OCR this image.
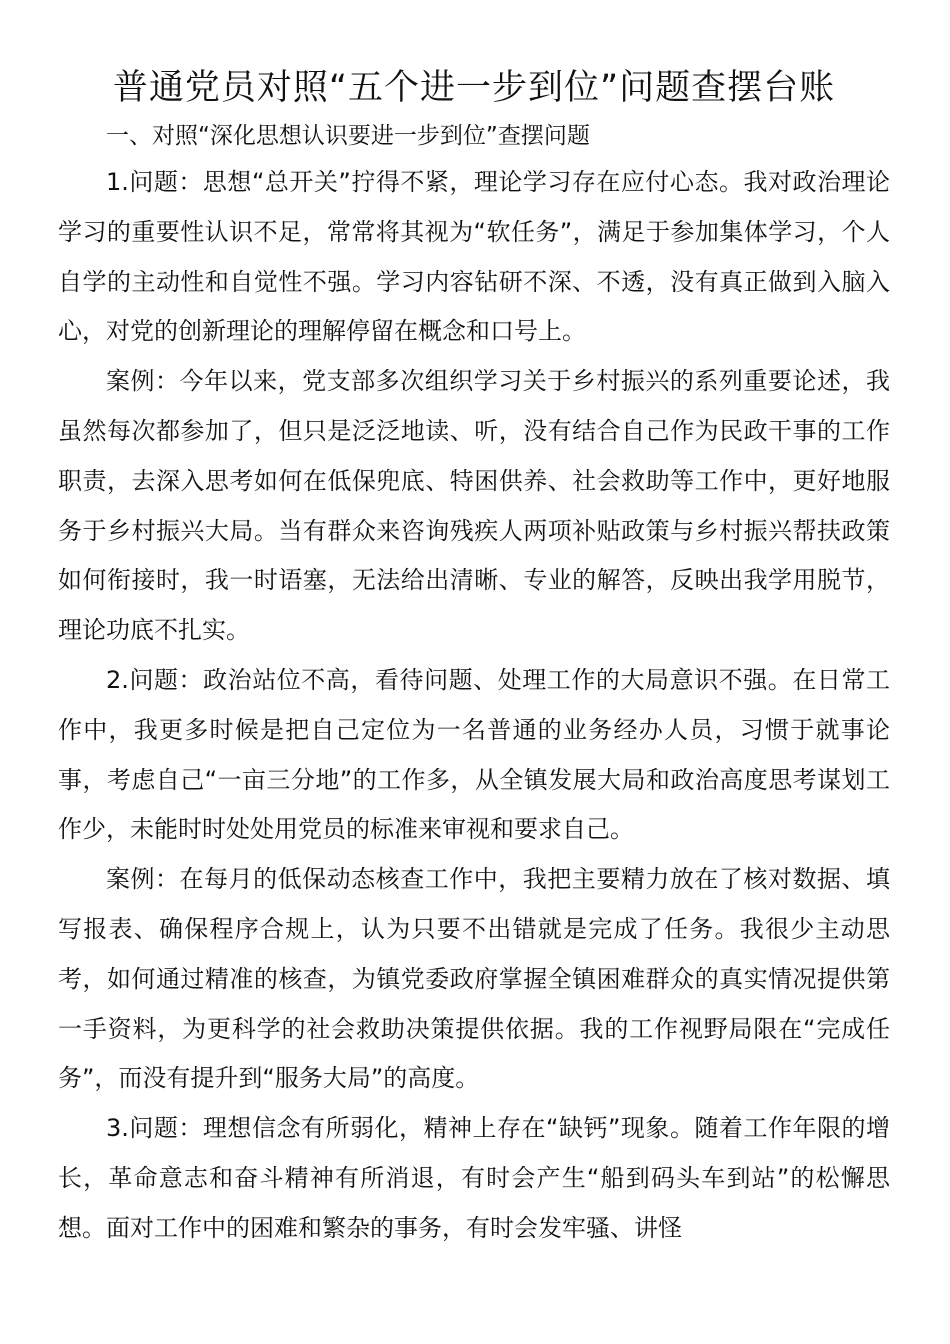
普通党员对照“五个进一步到位”问题查摆台账
一、对照“深化思想认识要进一步到位”查摆问题

1.问题：思想“总开关”拧得不紧，理论学习存在应付心态。我对政治理论学习的重要性认识不足，常常将其视为“软任务”，满足于参加集体学习，个人自学的主动性和自觉性不强。学习内容钻研不深、不透，没有真正做到入脑入心，对党的创新理论的理解停留在概念和口号上。

案例：今年以来，党支部多次组织学习关于乡村振兴的系列重要论述，我虽然每次都参加了，但只是泛泛地读、听，没有结合自己作为民政干事的工作职责，去深入思考如何在低保兜底、特困供养、社会救助等工作中，更好地服务于乡村振兴大局。当有群众来咨询残疾人两项补贴政策与乡村振兴帮扶政策如何衔接时，我一时语塞，无法给出清晰、专业的解答，反映出我学用脱节，理论功底不扎实。

2.问题：政治站位不高，看待问题、处理工作的大局意识不强。在日常工作中，我更多时候是把自己定位为一名普通的业务经办人员，习惯于就事论事，考虑自己“一亩三分地”的工作多，从全镇发展大局和政治高度思考谋划工作少，未能时时处处用党员的标准来审视和要求自己。

案例：在每月的低保动态核查工作中，我把主要精力放在了核对数据、填写报表、确保程序合规上，认为只要不出错就是完成了任务。我很少主动思考，如何通过精准的核查，为镇党委政府掌握全镇困难群众的真实情况提供第一手资料，为更科学的社会救助决策提供依据。我的工作视野局限在“完成任务”，而没有提升到“服务大局”的高度。

3.问题：理想信念有所弱化，精神上存在“缺钙”现象。随着工作年限的增长，革命意志和奋斗精神有所消退，有时会产生“船到码头车到站”的松懈思想。面对工作中的困难和繁杂的事务，有时会发牢骚、讲怪
